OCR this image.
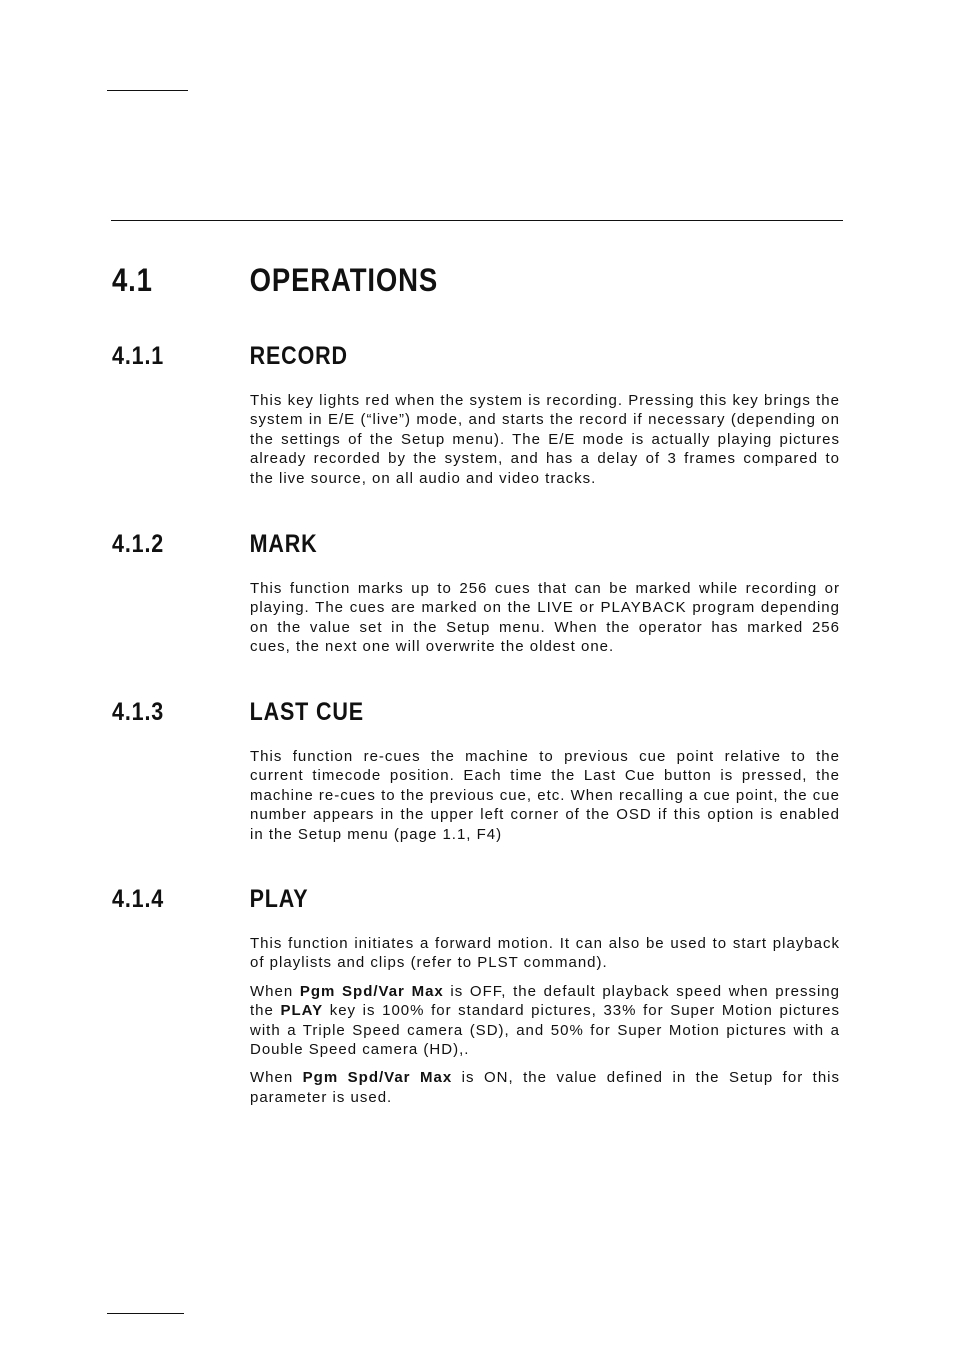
4.1	OPERATIONS
4.1.1	RECORD

This key lights red when the system is recording. Pressing this key brings the system in E/E (“live”) mode, and starts the record if necessary (depending on the settings of the Setup menu). The E/E mode is actually playing pictures already recorded by the system, and has a delay of 3 frames compared to the live source, on all audio and video tracks.

4.1.2	MARK

This function marks up to 256 cues that can be marked while recording or playing. The cues are marked on the LIVE or PLAYBACK program depending on the value set in the Setup menu. When the operator has marked 256 cues, the next one will overwrite the oldest one.

4.1.3	LAST CUE

This function re-cues the machine to previous cue point relative to the current timecode position. Each time the Last Cue button is pressed, the machine re-cues to the previous cue, etc. When recalling a cue point, the cue number appears in the upper left corner of the OSD if this option is enabled in the Setup menu (page 1.1, F4)

4.1.4	PLAY

This function initiates a forward motion. It can also be used to start playback of playlists and clips (refer to PLST command).

When Pgm Spd/Var Max is OFF, the default playback speed when pressing the PLAY key is 100% for standard pictures, 33% for Super Motion pictures with a Triple Speed camera (SD), and 50% for Super Motion pictures with a Double Speed camera (HD),.

When Pgm Spd/Var Max is ON, the value defined in the Setup for this parameter is used.
